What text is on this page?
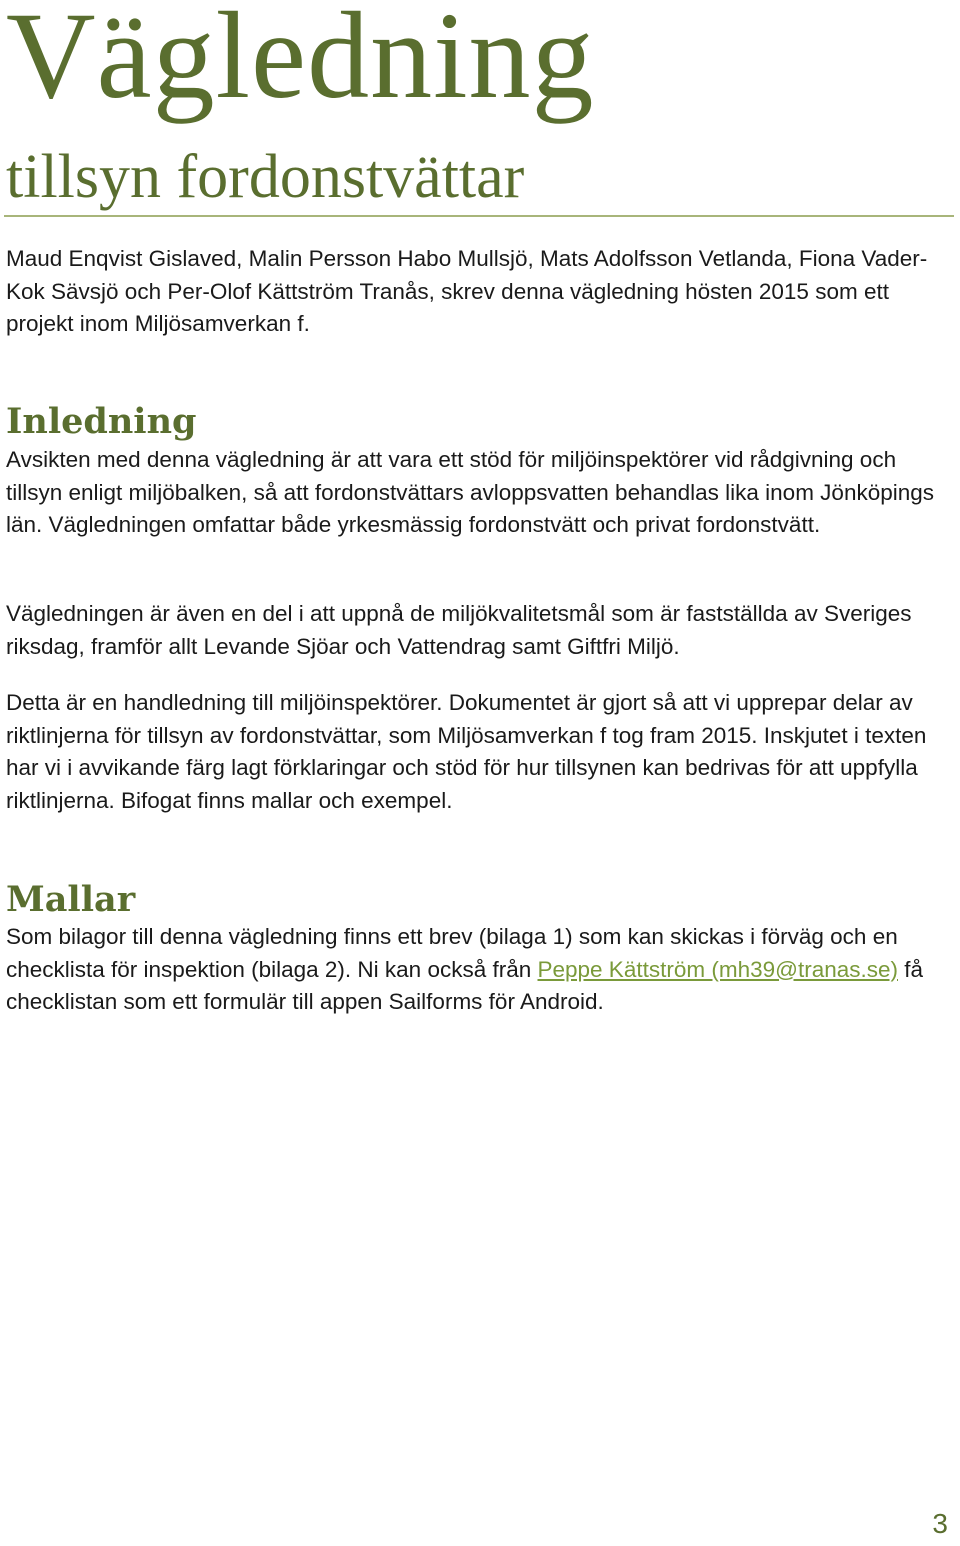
Vägledning
tillsyn fordonstvättar

Maud Enqvist Gislaved, Malin Persson Habo Mullsjö, Mats Adolfsson Vetlanda, Fiona Vader-Kok Sävsjö och Per-Olof Kättström Tranås, skrev denna vägledning hösten 2015 som ett projekt inom Miljösamverkan f.

Inledning

Avsikten med denna vägledning är att vara ett stöd för miljöinspektörer vid rådgivning och tillsyn enligt miljöbalken, så att fordonstvättars avloppsvatten behandlas lika inom Jönköpings län. Vägledningen omfattar både yrkesmässig fordonstvätt och privat fordonstvätt.

Vägledningen är även en del i att uppnå de miljökvalitetsmål som är fastställda av Sveriges riksdag, framför allt Levande Sjöar och Vattendrag samt Giftfri Miljö.

Detta är en handledning till miljöinspektörer. Dokumentet är gjort så att vi upprepar delar av riktlinjerna för tillsyn av fordonstvättar, som Miljösamverkan f tog fram 2015. Inskjutet i texten har vi i avvikande färg lagt förklaringar och stöd för hur tillsynen kan bedrivas för att uppfylla riktlinjerna. Bifogat finns mallar och exempel.

Mallar

Som bilagor till denna vägledning finns ett brev (bilaga 1) som kan skickas i förväg och en checklista för inspektion (bilaga 2). Ni kan också från Peppe Kättström (mh39@tranas.se) få checklistan som ett formulär till appen Sailforms för Android.

3
